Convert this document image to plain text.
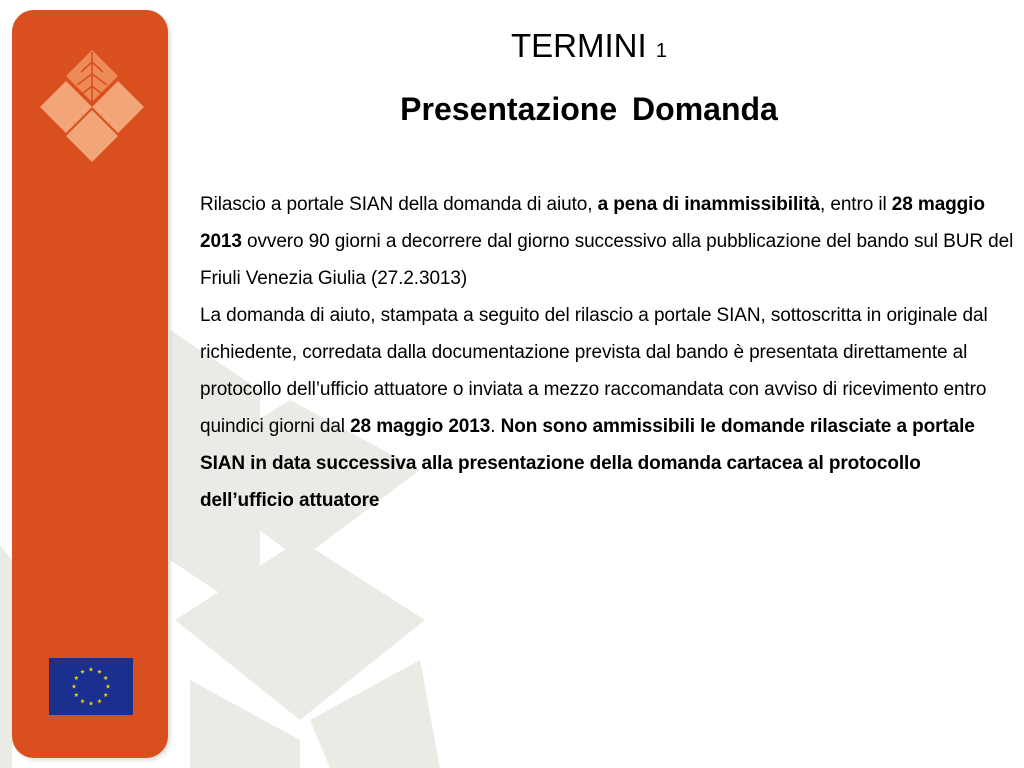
TERMINI 1
Presentazione Domanda

Rilascio a portale SIAN della domanda di aiuto, a pena di inammissibilità, entro il 28 maggio 2013 ovvero 90 giorni a decorrere dal giorno successivo alla pubblicazione del bando sul BUR del Friuli Venezia Giulia (27.2.3013)

La domanda di aiuto, stampata a seguito del rilascio a portale SIAN, sottoscritta in originale dal richiedente, corredata dalla documentazione prevista dal bando è presentata direttamente al protocollo dell’ufficio attuatore o inviata a mezzo raccomandata con avviso di ricevimento entro quindici giorni dal 28 maggio 2013. Non sono ammissibili le domande rilasciate a portale SIAN in data successiva alla presentazione della domanda cartacea al protocollo dell’ufficio attuatore
